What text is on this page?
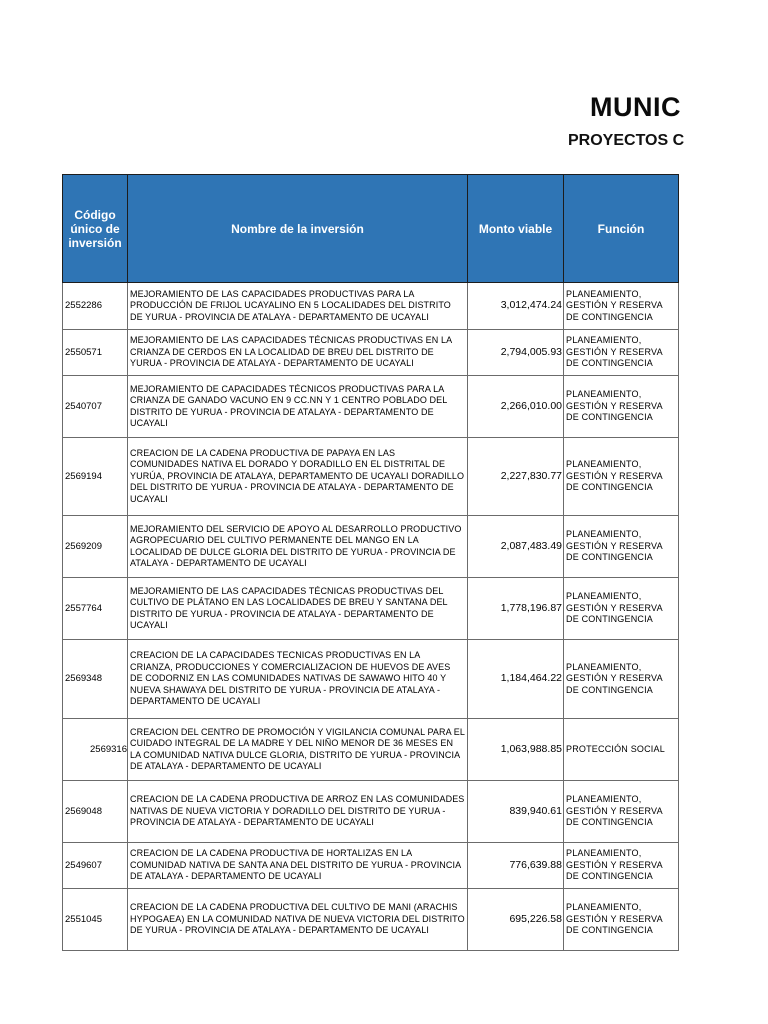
MUNIC
PROYECTOS C
Código único de inversión	Nombre de la inversión	Monto viable	Función
2552286	MEJORAMIENTO DE LAS CAPACIDADES PRODUCTIVAS PARA LA PRODUCCIÓN DE FRIJOL UCAYALINO EN 5 LOCALIDADES DEL DISTRITO DE YURUA - PROVINCIA DE ATALAYA - DEPARTAMENTO DE UCAYALI	3,012,474.24	PLANEAMIENTO, GESTIÓN Y RESERVA DE CONTINGENCIA
2550571	MEJORAMIENTO DE LAS CAPACIDADES TÉCNICAS PRODUCTIVAS EN LA CRIANZA DE CERDOS EN LA LOCALIDAD DE BREU DEL DISTRITO DE YURUA - PROVINCIA DE ATALAYA - DEPARTAMENTO DE UCAYALI	2,794,005.93	PLANEAMIENTO, GESTIÓN Y RESERVA DE CONTINGENCIA
2540707	MEJORAMIENTO DE CAPACIDADES TÉCNICOS PRODUCTIVAS PARA LA CRIANZA DE GANADO VACUNO EN 9 CC.NN Y 1 CENTRO POBLADO DEL DISTRITO DE YURUA - PROVINCIA DE ATALAYA - DEPARTAMENTO DE UCAYALI	2,266,010.00	PLANEAMIENTO, GESTIÓN Y RESERVA DE CONTINGENCIA
2569194	CREACION DE LA CADENA PRODUCTIVA DE PAPAYA EN LAS COMUNIDADES NATIVA EL DORADO Y DORADILLO EN EL DISTRITAL DE YURÚA, PROVINCIA DE ATALAYA, DEPARTAMENTO DE UCAYALI DORADILLO DEL DISTRITO DE YURUA - PROVINCIA DE ATALAYA - DEPARTAMENTO DE UCAYALI	2,227,830.77	PLANEAMIENTO, GESTIÓN Y RESERVA DE CONTINGENCIA
2569209	MEJORAMIENTO DEL SERVICIO DE APOYO AL DESARROLLO PRODUCTIVO AGROPECUARIO DEL CULTIVO PERMANENTE DEL MANGO EN LA LOCALIDAD DE DULCE GLORIA DEL DISTRITO DE YURUA - PROVINCIA DE ATALAYA - DEPARTAMENTO DE UCAYALI	2,087,483.49	PLANEAMIENTO, GESTIÓN Y RESERVA DE CONTINGENCIA
2557764	MEJORAMIENTO DE LAS CAPACIDADES TÉCNICAS PRODUCTIVAS DEL CULTIVO DE PLÁTANO EN LAS LOCALIDADES DE BREU Y SANTANA DEL DISTRITO DE YURUA - PROVINCIA DE ATALAYA - DEPARTAMENTO DE UCAYALI	1,778,196.87	PLANEAMIENTO, GESTIÓN Y RESERVA DE CONTINGENCIA
2569348	CREACION DE LA CAPACIDADES TECNICAS PRODUCTIVAS EN LA CRIANZA, PRODUCCIONES Y COMERCIALIZACION DE HUEVOS DE AVES DE CODORNIZ EN LAS COMUNIDADES NATIVAS DE SAWAWO HITO 40 Y NUEVA SHAWAYA DEL DISTRITO DE YURUA - PROVINCIA DE ATALAYA - DEPARTAMENTO DE UCAYALI	1,184,464.22	PLANEAMIENTO, GESTIÓN Y RESERVA DE CONTINGENCIA
2569316	CREACION DEL CENTRO DE PROMOCIÓN Y VIGILANCIA COMUNAL PARA EL CUIDADO INTEGRAL DE LA MADRE Y DEL NIÑO MENOR DE 36 MESES EN LA COMUNIDAD NATIVA DULCE GLORIA, DISTRITO DE YURUA - PROVINCIA DE ATALAYA - DEPARTAMENTO DE UCAYALI	1,063,988.85	PROTECCIÓN SOCIAL
2569048	CREACION DE LA CADENA PRODUCTIVA DE ARROZ EN LAS COMUNIDADES NATIVAS DE NUEVA VICTORIA Y DORADILLO DEL DISTRITO DE YURUA - PROVINCIA DE ATALAYA - DEPARTAMENTO DE UCAYALI	839,940.61	PLANEAMIENTO, GESTIÓN Y RESERVA DE CONTINGENCIA
2549607	CREACION DE LA CADENA PRODUCTIVA DE HORTALIZAS EN LA COMUNIDAD NATIVA DE SANTA ANA DEL DISTRITO DE YURUA - PROVINCIA DE ATALAYA - DEPARTAMENTO DE UCAYALI	776,639.88	PLANEAMIENTO, GESTIÓN Y RESERVA DE CONTINGENCIA
2551045	CREACION DE LA CADENA PRODUCTIVA DEL CULTIVO DE MANI (ARACHIS HYPOGAEA) EN LA COMUNIDAD NATIVA DE NUEVA VICTORIA DEL DISTRITO DE YURUA - PROVINCIA DE ATALAYA - DEPARTAMENTO DE UCAYALI	695,226.58	PLANEAMIENTO, GESTIÓN Y RESERVA DE CONTINGENCIA
